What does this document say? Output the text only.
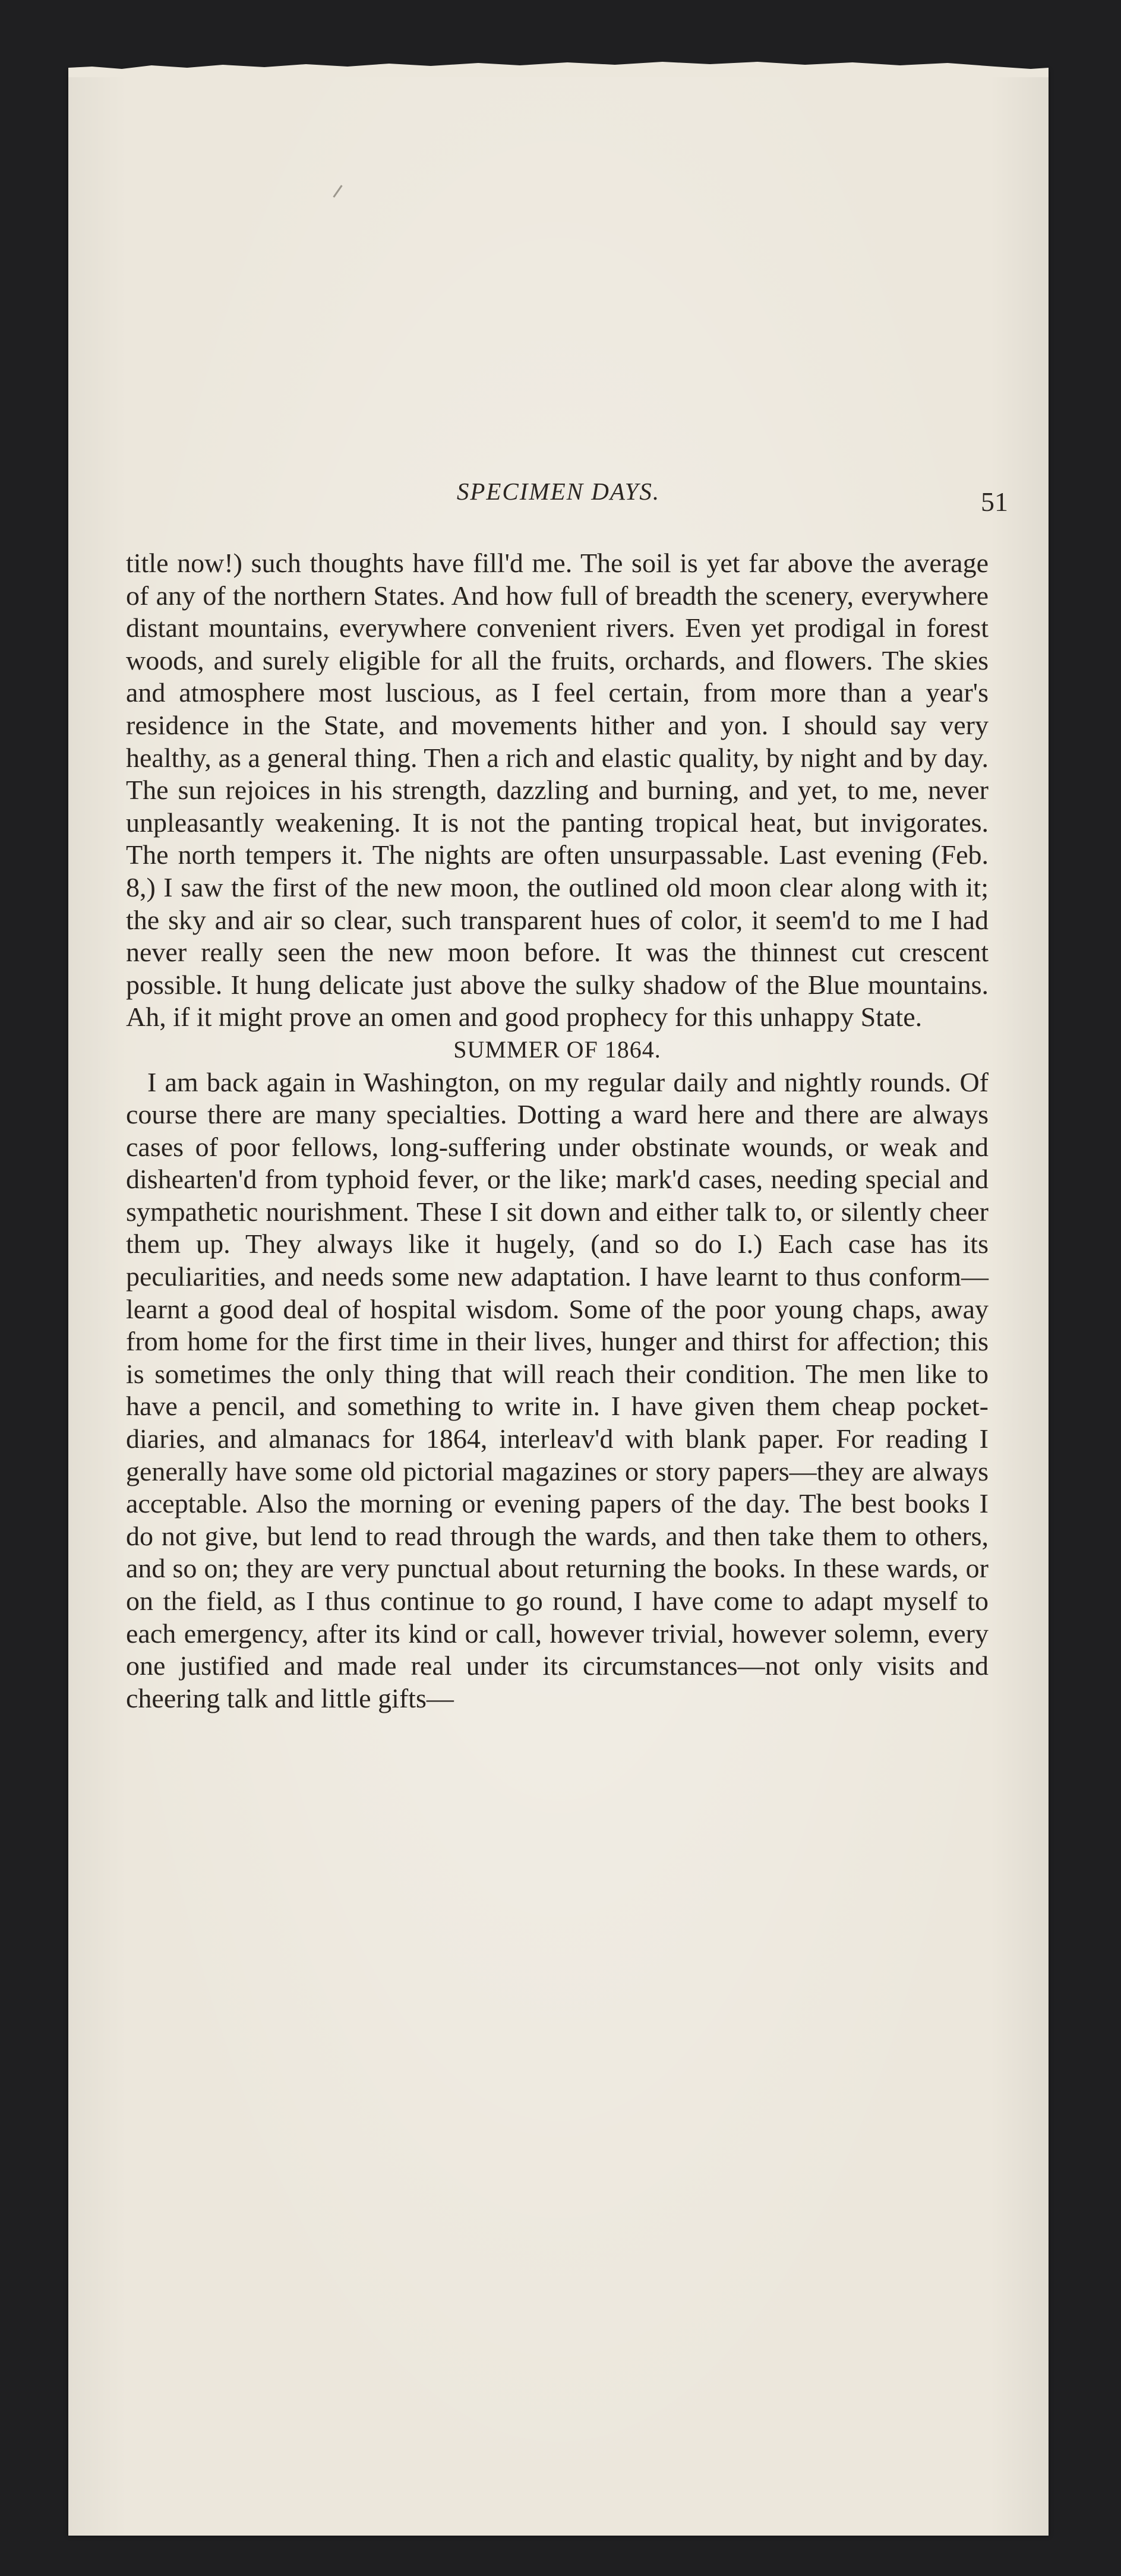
SPECIMEN DAYS.	51

title now!) such thoughts have fill'd me. The soil is yet far above the average of any of the northern States. And how full of breadth the scenery, everywhere distant mountains, everywhere convenient rivers. Even yet prodigal in forest woods, and surely eligible for all the fruits, orchards, and flowers. The skies and atmosphere most luscious, as I feel certain, from more than a year's residence in the State, and movements hither and yon. I should say very healthy, as a general thing. Then a rich and elastic quality, by night and by day. The sun rejoices in his strength, dazzling and burning, and yet, to me, never unpleasantly weakening. It is not the panting tropical heat, but invigorates. The north tempers it. The nights are often unsurpassable. Last evening (Feb. 8,) I saw the first of the new moon, the outlined old moon clear along with it; the sky and air so clear, such transparent hues of color, it seem'd to me I had never really seen the new moon before. It was the thinnest cut crescent possible. It hung delicate just above the sulky shadow of the Blue mountains. Ah, if it might prove an omen and good prophecy for this unhappy State.

SUMMER OF 1864.

I am back again in Washington, on my regular daily and nightly rounds. Of course there are many specialties. Dotting a ward here and there are always cases of poor fellows, long-suffering under obstinate wounds, or weak and dishearten'd from typhoid fever, or the like; mark'd cases, needing special and sympathetic nourishment. These I sit down and either talk to, or silently cheer them up. They always like it hugely, (and so do I.) Each case has its peculiarities, and needs some new adaptation. I have learnt to thus conform—learnt a good deal of hospital wisdom. Some of the poor young chaps, away from home for the first time in their lives, hunger and thirst for affection; this is sometimes the only thing that will reach their condition. The men like to have a pencil, and something to write in. I have given them cheap pocket-diaries, and almanacs for 1864, interleav'd with blank paper. For reading I generally have some old pictorial magazines or story papers—they are always acceptable. Also the morning or evening papers of the day. The best books I do not give, but lend to read through the wards, and then take them to others, and so on; they are very punctual about returning the books. In these wards, or on the field, as I thus continue to go round, I have come to adapt myself to each emergency, after its kind or call, however trivial, however solemn, every one justified and made real under its circumstances—not only visits and cheering talk and little gifts—
